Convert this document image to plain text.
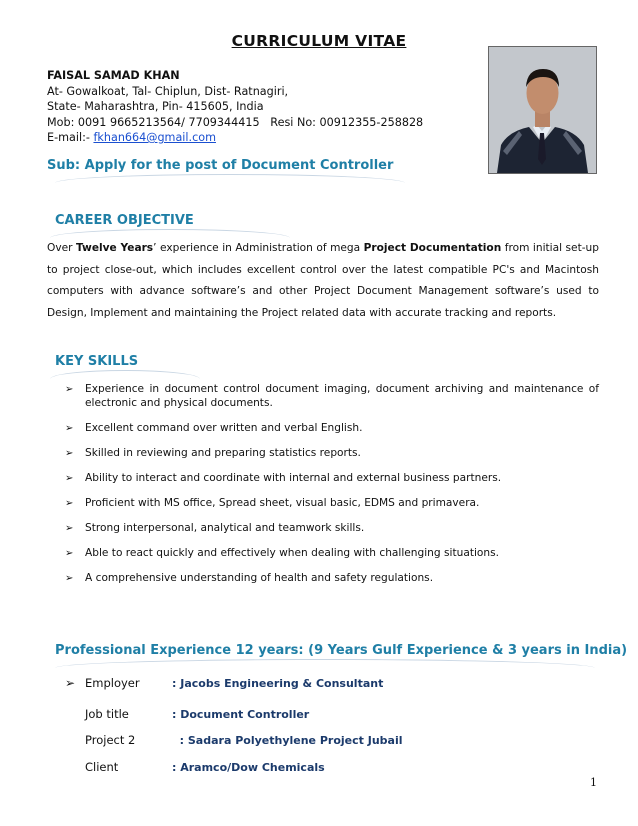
CURRICULUM VITAE
FAISAL SAMAD KHAN
At- Gowalkoat, Tal- Chiplun, Dist- Ratnagiri,
State- Maharashtra, Pin- 415605, India
Mob: 0091 9665213564/ 7709344415   Resi No: 00912355-258828
E-mail:- fkhan664@gmail.com
Sub: Apply for the post of Document Controller
CAREER OBJECTIVE
Over Twelve Years’ experience in Administration of mega Project Documentation from initial set-up to project close-out, which includes excellent control over the latest compatible PC's and Macintosh computers with advance software’s and other Project Document Management software’s used to Design, Implement and maintaining the Project related data with accurate tracking and reports.
KEY SKILLS
➢ Experience in document control document imaging, document archiving and maintenance of electronic and physical documents.
➢ Excellent command over written and verbal English.
➢ Skilled in reviewing and preparing statistics reports.
➢ Ability to interact and coordinate with internal and external business partners.
➢ Proficient with MS office, Spread sheet, visual basic, EDMS and primavera.
➢ Strong interpersonal, analytical and teamwork skills.
➢ Able to react quickly and effectively when dealing with challenging situations.
➢ A comprehensive understanding of health and safety regulations.
Professional Experience 12 years: (9 Years Gulf Experience & 3 years in India)
➢ Employer	: Jacobs Engineering & Consultant
Job title	: Document Controller
Project 2	: Sadara Polyethylene Project Jubail
Client	: Aramco/Dow Chemicals
1
